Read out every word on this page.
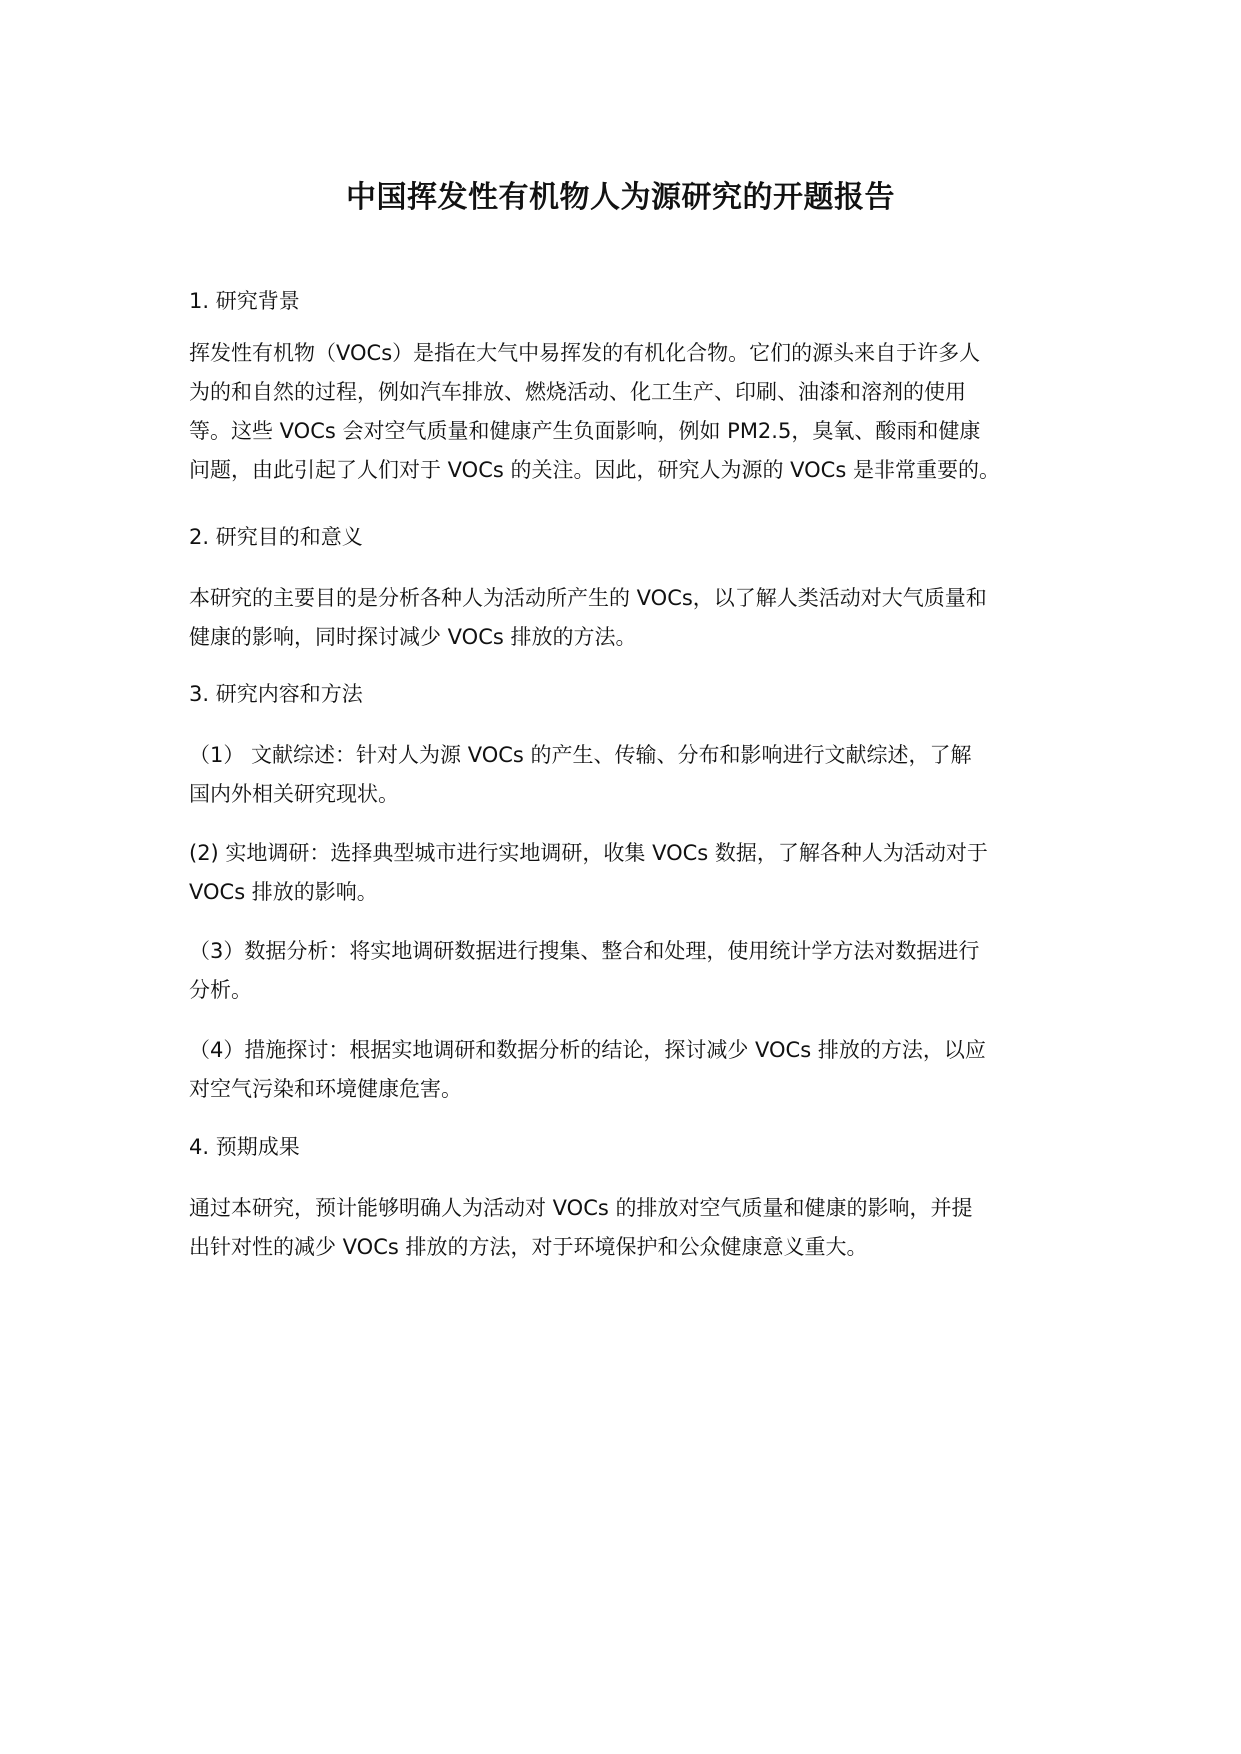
中国挥发性有机物人为源研究的开题报告

1. 研究背景

挥发性有机物（VOCs）是指在大气中易挥发的有机化合物。它们的源头来自于许多人
为的和自然的过程，例如汽车排放、燃烧活动、化工生产、印刷、油漆和溶剂的使用
等。这些 VOCs 会对空气质量和健康产生负面影响，例如 PM2.5，臭氧、酸雨和健康
问题，由此引起了人们对于 VOCs 的关注。因此，研究人为源的 VOCs 是非常重要的。

2. 研究目的和意义

本研究的主要目的是分析各种人为活动所产生的 VOCs，以了解人类活动对大气质量和
健康的影响，同时探讨减少 VOCs 排放的方法。

3. 研究内容和方法

（1） 文献综述：针对人为源 VOCs 的产生、传输、分布和影响进行文献综述，了解
国内外相关研究现状。
(2) 实地调研：选择典型城市进行实地调研，收集 VOCs 数据，了解各种人为活动对于
VOCs 排放的影响。
（3）数据分析：将实地调研数据进行搜集、整合和处理，使用统计学方法对数据进行
分析。
（4）措施探讨：根据实地调研和数据分析的结论，探讨减少 VOCs 排放的方法，以应
对空气污染和环境健康危害。

4. 预期成果

通过本研究，预计能够明确人为活动对 VOCs 的排放对空气质量和健康的影响，并提
出针对性的减少 VOCs 排放的方法，对于环境保护和公众健康意义重大。
